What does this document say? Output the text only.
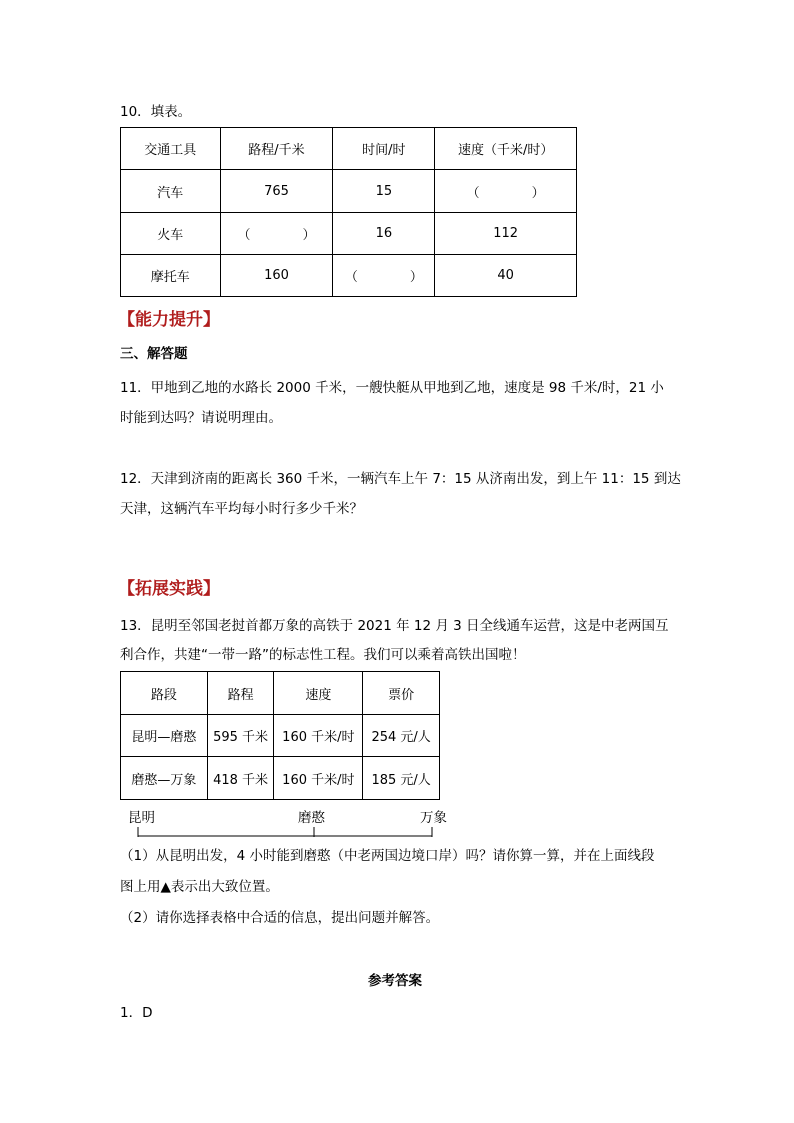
10．填表。
交通工具	路程/千米	时间/时	速度（千米/时）
汽车	765	15	（　　　　）
火车	（　　　　）	16	112
摩托车	160	（　　　　）	40
【能力提升】
三、解答题
11．甲地到乙地的水路长 2000 千米，一艘快艇从甲地到乙地，速度是 98 千米/时，21 小
时能到达吗？请说明理由。
12．天津到济南的距离长 360 千米，一辆汽车上午 7：15 从济南出发，到上午 11：15 到达
天津，这辆汽车平均每小时行多少千米？
【拓展实践】
13．昆明至邻国老挝首都万象的高铁于 2021 年 12 月 3 日全线通车运营，这是中老两国互
利合作，共建“一带一路”的标志性工程。我们可以乘着高铁出国啦！
路段	路程	速度	票价
昆明—磨憨	595 千米	160 千米/时	254 元/人
磨憨—万象	418 千米	160 千米/时	185 元/人
昆明	磨憨	万象
（1）从昆明出发，4 小时能到磨憨（中老两国边境口岸）吗？请你算一算，并在上面线段
图上用▲表示出大致位置。
（2）请你选择表格中合适的信息，提出问题并解答。
参考答案
1．D
